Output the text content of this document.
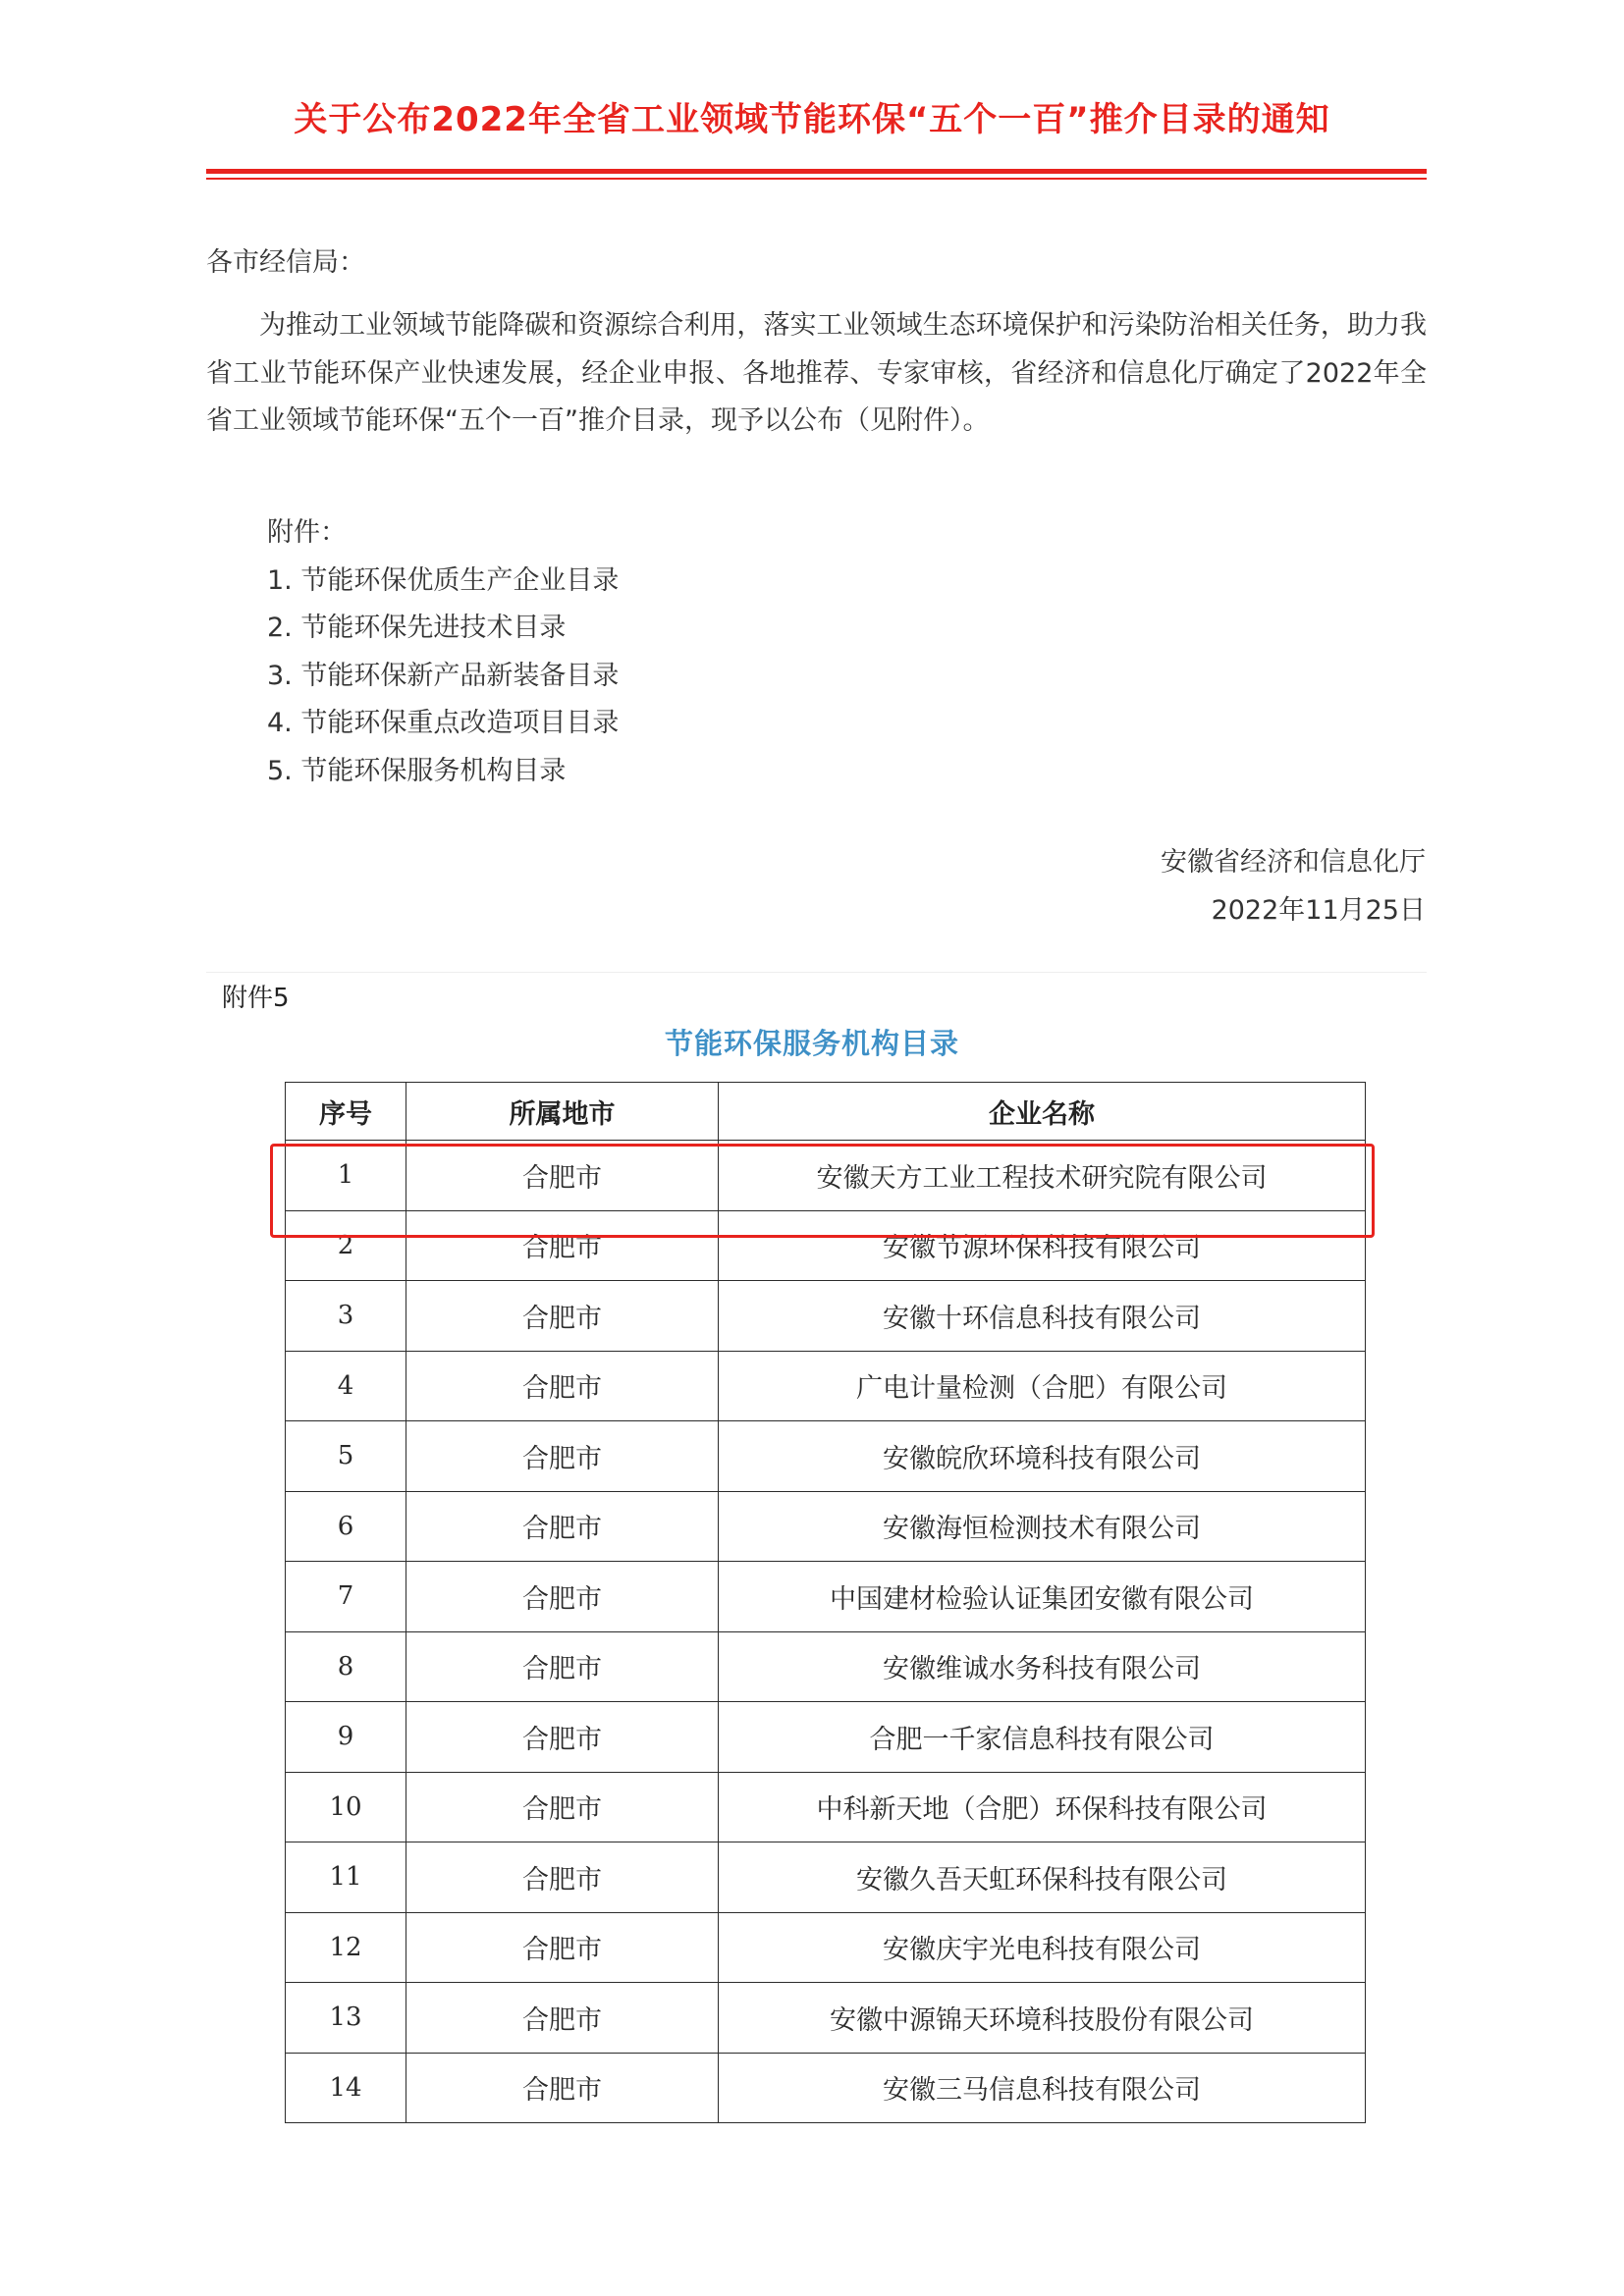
关于公布2022年全省工业领域节能环保“五个一百”推介目录的通知
各市经信局：
为推动工业领域节能降碳和资源综合利用，落实工业领域生态环境保护和污染防治相关任务，助力我省工业节能环保产业快速发展，经企业申报、各地推荐、专家审核，省经济和信息化厅确定了2022年全省工业领域节能环保“五个一百”推介目录，现予以公布（见附件）。
附件：
1. 节能环保优质生产企业目录
2. 节能环保先进技术目录
3. 节能环保新产品新装备目录
4. 节能环保重点改造项目目录
5. 节能环保服务机构目录
安徽省经济和信息化厅
2022年11月25日
附件5
节能环保服务机构目录
序号	所属地市	企业名称
1	合肥市	安徽天方工业工程技术研究院有限公司
2	合肥市	安徽节源环保科技有限公司
3	合肥市	安徽十环信息科技有限公司
4	合肥市	广电计量检测（合肥）有限公司
5	合肥市	安徽皖欣环境科技有限公司
6	合肥市	安徽海恒检测技术有限公司
7	合肥市	中国建材检验认证集团安徽有限公司
8	合肥市	安徽维诚水务科技有限公司
9	合肥市	合肥一千家信息科技有限公司
10	合肥市	中科新天地（合肥）环保科技有限公司
11	合肥市	安徽久吾天虹环保科技有限公司
12	合肥市	安徽庆宇光电科技有限公司
13	合肥市	安徽中源锦天环境科技股份有限公司
14	合肥市	安徽三马信息科技有限公司
